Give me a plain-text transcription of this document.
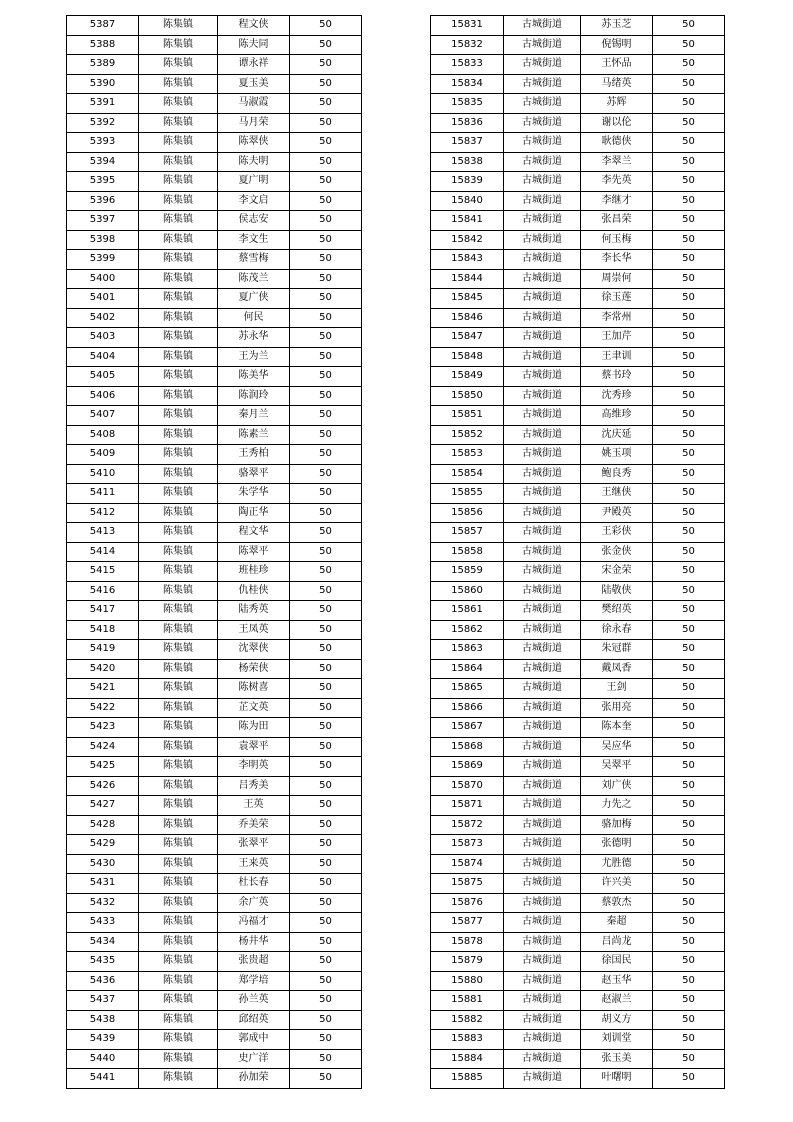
5387	陈集镇	程文侠	50
5388	陈集镇	陈夫同	50
5389	陈集镇	谭永祥	50
5390	陈集镇	夏玉美	50
5391	陈集镇	马淑霞	50
5392	陈集镇	马月荣	50
5393	陈集镇	陈翠侠	50
5394	陈集镇	陈夫明	50
5395	陈集镇	夏广明	50
5396	陈集镇	李文启	50
5397	陈集镇	侯志安	50
5398	陈集镇	李文生	50
5399	陈集镇	蔡雪梅	50
5400	陈集镇	陈茂兰	50
5401	陈集镇	夏广侠	50
5402	陈集镇	何民	50
5403	陈集镇	苏永华	50
5404	陈集镇	王为兰	50
5405	陈集镇	陈美华	50
5406	陈集镇	陈润玲	50
5407	陈集镇	秦月兰	50
5408	陈集镇	陈素兰	50
5409	陈集镇	王秀柏	50
5410	陈集镇	骆翠平	50
5411	陈集镇	朱学华	50
5412	陈集镇	陶正华	50
5413	陈集镇	程文华	50
5414	陈集镇	陈翠平	50
5415	陈集镇	班桂珍	50
5416	陈集镇	仇桂侠	50
5417	陈集镇	陆秀英	50
5418	陈集镇	王凤英	50
5419	陈集镇	沈翠侠	50
5420	陈集镇	杨荣侠	50
5421	陈集镇	陈树喜	50
5422	陈集镇	芷文英	50
5423	陈集镇	陈为田	50
5424	陈集镇	袁翠平	50
5425	陈集镇	李明英	50
5426	陈集镇	吕秀美	50
5427	陈集镇	王英	50
5428	陈集镇	乔美荣	50
5429	陈集镇	张翠平	50
5430	陈集镇	王来英	50
5431	陈集镇	杜长春	50
5432	陈集镇	余广英	50
5433	陈集镇	冯福才	50
5434	陈集镇	杨井华	50
5435	陈集镇	张贵超	50
5436	陈集镇	郑学培	50
5437	陈集镇	孙兰英	50
5438	陈集镇	邱绍英	50
5439	陈集镇	郭成中	50
5440	陈集镇	史广洋	50
5441	陈集镇	孙加荣	50
15831	古城街道	苏玉芝	50
15832	古城街道	倪锡明	50
15833	古城街道	王怀品	50
15834	古城街道	马绪英	50
15835	古城街道	苏辉	50
15836	古城街道	谢以伦	50
15837	古城街道	耿德侠	50
15838	古城街道	李翠兰	50
15839	古城街道	李先英	50
15840	古城街道	李继才	50
15841	古城街道	张昌荣	50
15842	古城街道	何玉梅	50
15843	古城街道	李长华	50
15844	古城街道	周崇何	50
15845	古城街道	徐玉莲	50
15846	古城街道	李常州	50
15847	古城街道	王加芹	50
15848	古城街道	王聿训	50
15849	古城街道	蔡书玲	50
15850	古城街道	沈秀珍	50
15851	古城街道	高维珍	50
15852	古城街道	沈庆延	50
15853	古城街道	姚玉项	50
15854	古城街道	鲍良秀	50
15855	古城街道	王继侠	50
15856	古城街道	尹殿英	50
15857	古城街道	王彩侠	50
15858	古城街道	张金侠	50
15859	古城街道	宋金荣	50
15860	古城街道	陆敬侠	50
15861	古城街道	樊绍英	50
15862	古城街道	徐永春	50
15863	古城街道	朱冠群	50
15864	古城街道	戴凤香	50
15865	古城街道	王剑	50
15866	古城街道	张用亮	50
15867	古城街道	陈本奎	50
15868	古城街道	吴应华	50
15869	古城街道	吴翠平	50
15870	古城街道	刘广侠	50
15871	古城街道	力先之	50
15872	古城街道	骆加梅	50
15873	古城街道	张德明	50
15874	古城街道	尤胜德	50
15875	古城街道	许兴美	50
15876	古城街道	蔡敦杰	50
15877	古城街道	秦超	50
15878	古城街道	吕尚龙	50
15879	古城街道	徐国民	50
15880	古城街道	赵玉华	50
15881	古城街道	赵淑兰	50
15882	古城街道	胡义方	50
15883	古城街道	刘训堂	50
15884	古城街道	张玉美	50
15885	古城街道	叶曙明	50
